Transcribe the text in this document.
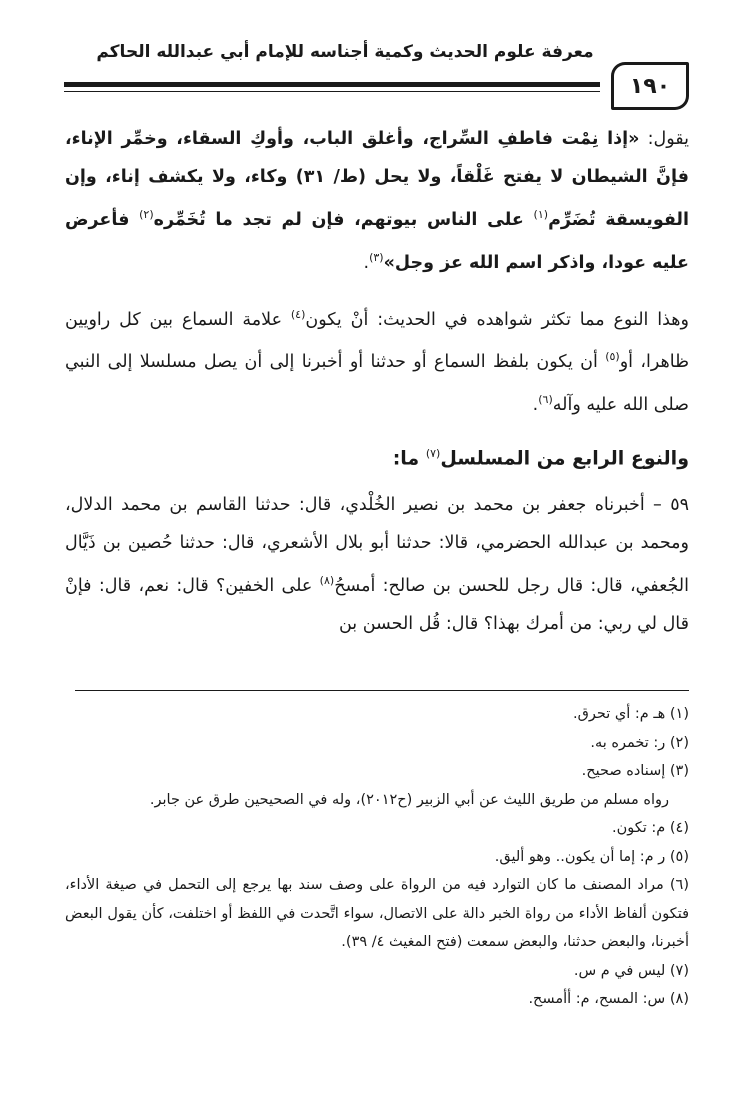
معرفة علوم الحديث وكمية أجناسه للإمام أبي عبدالله الحاكم
١٩٠

يقول: «إذا نِمْت فاطفِ السِّراج، وأغلق الباب، وأوكِ السقاء، وخمِّر الإناء، فإنَّ الشيطان لا يفتح غَلْقاً، ولا يحل (ط/ ٣١) وكاء، ولا يكشف إناء، وإن الفويسقة تُضَرِّم$^{(١)}$ على الناس بيوتهم، فإن لم تجد ما تُخَمِّره$^{(٢)}$ فأعرض عليه عودا، واذكر اسم الله عز وجل»$^{(٣)}$.

وهذا النوع مما تكثر شواهده في الحديث: أنْ يكون$^{(٤)}$ علامة السماع بين كل راويين ظاهرا، أو$^{(٥)}$ أن يكون بلفظ السماع أو حدثنا أو أخبرنا إلى أن يصل مسلسلا إلى النبي صلى الله عليه وآله$^{(٦)}$.

والنوع الرابع من المسلسل$^{(٧)}$ ما:

٥٩ – أخبرناه جعفر بن محمد بن نصير الخُلْدي، قال: حدثنا القاسم بن محمد الدلال، ومحمد بن عبدالله الحضرمي، قالا: حدثنا أبو بلال الأشعري، قال: حدثنا حُصين بن ذَيَّال الجُعفي، قال: قال رجل للحسن بن صالح: أمسحُ$^{(٨)}$ على الخفين؟ قال: نعم، قال: فإنْ قال لي ربي: من أمرك بهذا؟ قال: قُل الحسن بن

(١) هـ م: أي تحرق.

(٢) ر: تخمره به.

(٣) إسناده صحيح.

رواه مسلم من طريق الليث عن أبي الزبير (ح٢٠١٢)، وله في الصحيحين طرق عن جابر.

(٤) م: تكون.

(٥) ر م: إما أن يكون.. وهو أليق.

(٦) مراد المصنف ما كان التوارد فيه من الرواة على وصف سند بها يرجع إلى التحمل في صيغة الأداء، فتكون ألفاظ الأداء من رواة الخبر دالة على الاتصال، سواء اتَّحدت في اللفظ أو اختلفت، كأن يقول البعض أخبرنا، والبعض حدثنا، والبعض سمعت (فتح المغيث ٤/ ٣٩).

(٧) ليس في م س.

(٨) س: المسح، م: أأمسح.
